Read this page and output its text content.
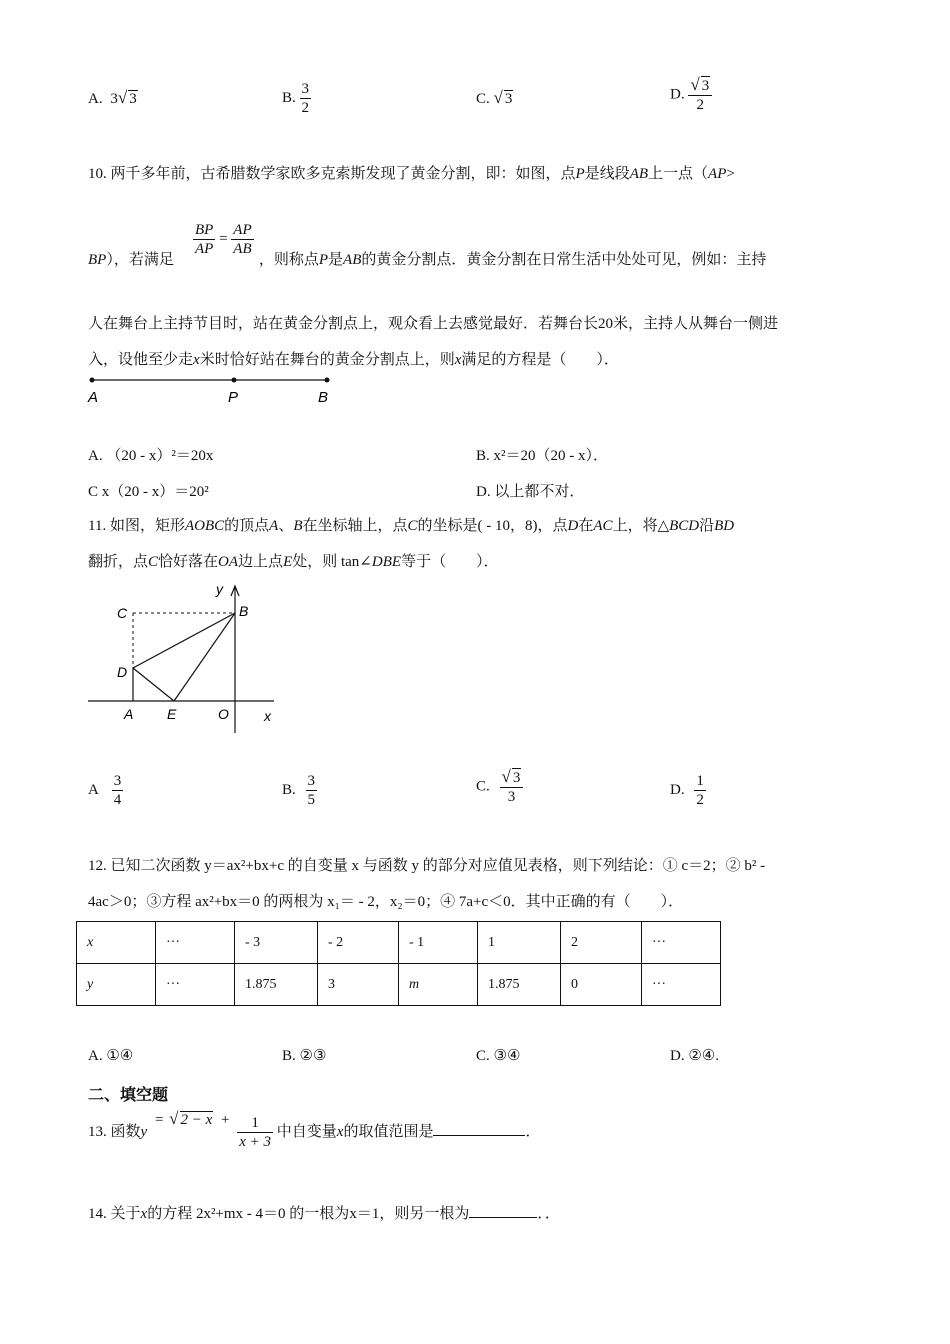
A. 3√ 3	B. $\frac{3}{2}$	C. √ 3	D. $\frac{√ 3}{2}$
10. 两千多年前，古希腊数学家欧多克索斯发现了黄金分割，即：如图，点P是线段AB上一点（AP>
$\frac{BP}{AP} = \frac{AP}{AB}$
BP），若满足	，则称点P是AB的黄金分割点．黄金分割在日常生活中处处可见，例如：主持
人在舞台上主持节目时，站在黄金分割点上，观众看上去感觉最好．若舞台长20米，主持人从舞台一侧进
入，设他至少走x米时恰好站在舞台的黄金分割点上，则x满足的方程是（　　）．
A	P	B
A. （20 - x）²＝20x	B. x²＝20（20 - x）．
C x（20 - x）＝20²	D. 以上都不对．
11. 如图，矩形AOBC的顶点A、B在坐标轴上，点C的坐标是( - 10，8)，点D在AC上，将△BCD沿BD
翻折，点C恰好落在OA边上点E处，则 tan∠DBE等于（　　）．
y
C	B
D
A E	O	x
A $\frac{3}{4}$	B. $\frac{3}{5}$	C. $\frac{√ 3}{3}$	D. $\frac{1}{2}$
12. 已知二次函数 y＝ax²+bx+c 的自变量 x 与函数 y 的部分对应值见表格，则下列结论：① c＝2；② b² -
4ac＞0；③方程 ax²+bx＝0 的两根为 x₁＝ - 2，x₂＝0；④ 7a+c＜0．其中正确的有（　　）．
x	···	- 3	- 2	- 1	1	2	···
y	···	1.875	3	m	1.875	0	···
A. ①④	B. ②③	C. ③④	D. ②④.
二、填空题
13. 函数y = √ $2 - x + \frac{1}{x + 3}$ 中自变量x的取值范围是	．
14. 关于x的方程 2x²+mx - 4＝0 的一根为x＝1，则另一根为	．．
